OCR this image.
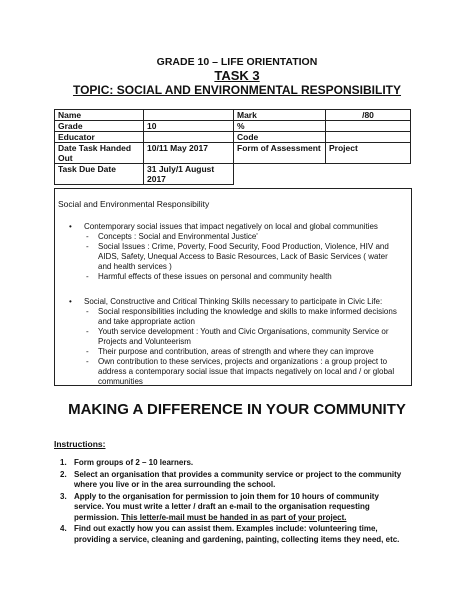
GRADE 10 – LIFE ORIENTATION
TASK 3
TOPIC: SOCIAL AND ENVIRONMENTAL RESPONSIBILITY
Name		Mark	/80
Grade	10	%	
Educator		Code	

Date Task Handed
Out	10/11 May 2017	Form of Assessment	Project
Task Due Date	31 July/1 August 2017		
Social and Environmental Responsibility
• Contemporary social issues that impact negatively on local and global communities
- Concepts : Social and Environmental Justice'
- Social Issues : Crime, Poverty, Food Security, Food Production, Violence, HIV and AIDS, Safety, Unequal Access to Basic Resources, Lack of Basic Services ( water and health services )
- Harmful effects of these issues on personal and community health
• Social, Constructive and Critical Thinking Skills necessary to participate in Civic Life:
- Social responsibilities including the knowledge and skills to make informed decisions and take appropriate action
- Youth service development : Youth and Civic Organisations, community Service or Projects and Volunteerism
- Their purpose and contribution, areas of strength and where they can improve
- Own contribution to these services, projects and organizations : a group project to address a contemporary social issue that impacts negatively on local and / or global communities
MAKING A DIFFERENCE IN YOUR COMMUNITY
Instructions:
1. Form groups of 2 – 10 learners.
2. Select an organisation that provides a community service or project to the community where you live or in the area surrounding the school.
3. Apply to the organisation for permission to join them for 10 hours of community service. You must write a letter / draft an e-mail to the organisation requesting permission. This letter/e-mail must be handed in as part of your project.
4. Find out exactly how you can assist them. Examples include: volunteering time, providing a service, cleaning and gardening, painting, collecting items they need, etc.
